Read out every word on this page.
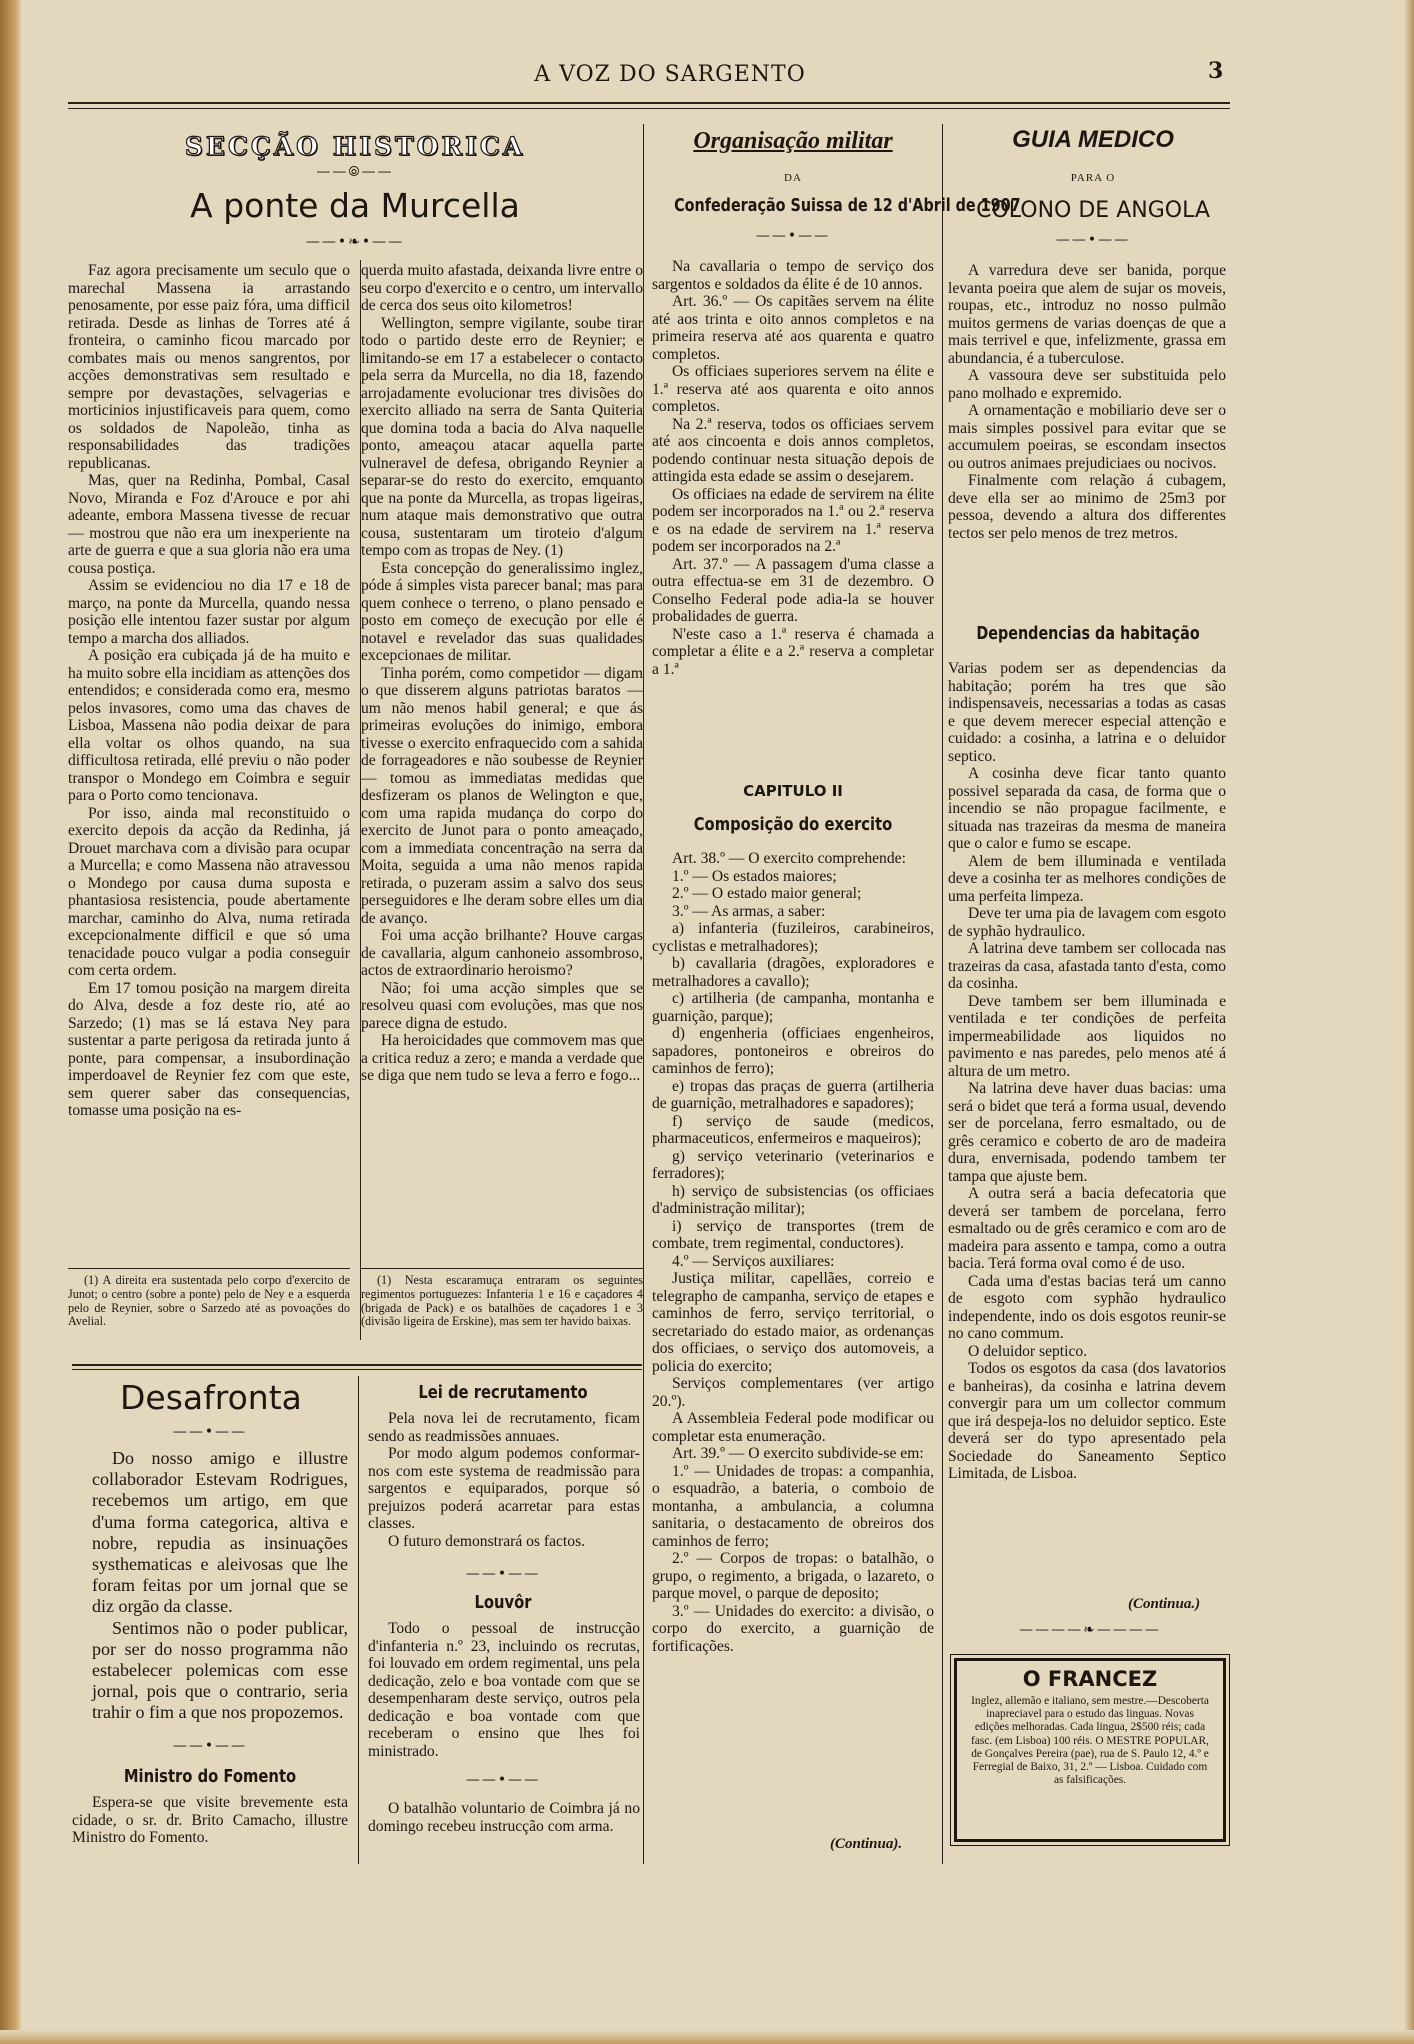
A VOZ DO SARGENTO	3
SECÇÃO HISTORICA
——⦾——
A ponte da Murcella
——•❧•——

Faz agora precisamente um seculo que o marechal Massena ia arrastando penosamente, por esse paiz fóra, uma difficil retirada. Desde as linhas de Torres até á fronteira, o caminho ficou marcado por combates mais ou menos sangrentos, por acções demonstrativas sem resultado e sempre por devastações, selvagerias e morticinios injustificaveis para quem, como os soldados de Napoleão, tinha as responsabilidades das tradições republicanas.

Mas, quer na Redinha, Pombal, Casal Novo, Miranda e Foz d'Arouce e por ahi adeante, embora Massena tivesse de recuar — mostrou que não era um inexperiente na arte de guerra e que a sua gloria não era uma cousa postiça.

Assim se evidenciou no dia 17 e 18 de março, na ponte da Murcella, quando nessa posição elle intentou fazer sustar por algum tempo a marcha dos alliados.

A posição era cubiçada já de ha muito e ha muito sobre ella incidiam as attenções dos entendidos; e considerada como era, mesmo pelos invasores, como uma das chaves de Lisboa, Massena não podia deixar de para ella voltar os olhos quando, na sua difficultosa retirada, ellé previu o não poder transpor o Mondego em Coimbra e seguir para o Porto como tencionava.

Por isso, ainda mal reconstituido o exercito depois da acção da Redinha, já Drouet marchava com a divisão para ocupar a Murcella; e como Massena não atravessou o Mondego por causa duma suposta e phantasiosa resistencia, poude abertamente marchar, caminho do Alva, numa retirada excepcionalmente difficil e que só uma tenacidade pouco vulgar a podia conseguir com certa ordem.

Em 17 tomou posição na margem direita do Alva, desde a foz deste rio, até ao Sarzedo; (1) mas se lá estava Ney para sustentar a parte perigosa da retirada junto á ponte, para compensar, a insubordinação imperdoavel de Reynier fez com que este, sem querer saber das consequencias, tomasse uma posição na es-

(1) A direita era sustentada pelo corpo d'exercito de Junot; o centro (sobre a ponte) pelo de Ney e a esquerda pelo de Reynier, sobre o Sarzedo até as povoações do Avelial.

querda muito afastada, deixanda livre entre o seu corpo d'exercito e o centro, um intervallo de cerca dos seus oito kilometros!

Wellington, sempre vigilante, soube tirar todo o partido deste erro de Reynier; e limitando-se em 17 a estabelecer o contacto pela serra da Murcella, no dia 18, fazendo arrojadamente evolucionar tres divisões do exercito alliado na serra de Santa Quiteria que domina toda a bacia do Alva naquelle ponto, ameaçou atacar aquella parte vulneravel de defesa, obrigando Reynier a separar-se do resto do exercito, emquanto que na ponte da Murcella, as tropas ligeiras, num ataque mais demonstrativo que outra cousa, sustentaram um tiroteio d'algum tempo com as tropas de Ney. (1)

Esta concepção do generalissimo inglez, póde á simples vista parecer banal; mas para quem conhece o terreno, o plano pensado e posto em começo de execução por elle é notavel e revelador das suas qualidades excepcionaes de militar.

Tinha porém, como competidor — digam o que disserem alguns patriotas baratos — um não menos habil general; e que ás primeiras evoluções do inimigo, embora tivesse o exercito enfraquecido com a sahida de forrageadores e não soubesse de Reynier — tomou as immediatas medidas que desfizeram os planos de Welington e que, com uma rapida mudança do corpo do exercito de Junot para o ponto ameaçado, com a immediata concentração na serra da Moita, seguida a uma não menos rapida retirada, o puzeram assim a salvo dos seus perseguidores e lhe deram sobre elles um dia de avanço.

Foi uma acção brilhante? Houve cargas de cavallaria, algum canhoneio assombroso, actos de extraordinario heroismo?

Não; foi uma acção simples que se resolveu quasi com evoluções, mas que nos parece digna de estudo.

Ha heroicidades que commovem mas que a critica reduz a zero; e manda a verdade que se diga que nem tudo se leva a ferro e fogo...

(1) Nesta escaramuça entraram os seguintes regimentos portuguezes: Infanteria 1 e 16 e caçadores 4 (brigada de Pack) e os batalhões de caçadores 1 e 3 (divisão ligeira de Erskine), mas sem ter havido baixas.

Desafronta
——•——

Do nosso amigo e illustre collaborador Estevam Rodrigues, recebemos um artigo, em que d'uma forma categorica, altiva e nobre, repudia as insinuações systhematicas e aleivosas que lhe foram feitas por um jornal que se diz orgão da classe.

Sentimos não o poder publicar, por ser do nosso programma não estabelecer polemicas com esse jornal, pois que o contrario, seria trahir o fim a que nos propozemos.

——•——
Ministro do Fomento

Espera-se que visite brevemente esta cidade, o sr. dr. Brito Camacho, illustre Ministro do Fomento.

Lei de recrutamento

Pela nova lei de recrutamento, ficam sendo as readmissões annuaes.

Por modo algum podemos conformar-nos com este systema de readmissão para sargentos e equiparados, porque só prejuizos poderá acarretar para estas classes.

O futuro demonstrará os factos.

——•——
Louvôr

Todo o pessoal de instrucção d'infanteria n.º 23, incluindo os recrutas, foi louvado em ordem regimental, uns pela dedicação, zelo e boa vontade com que se desempenharam deste serviço, outros pela dedicação e boa vontade com que receberam o ensino que lhes foi ministrado.

——•——

O batalhão voluntario de Coimbra já no domingo recebeu instrucção com arma.

Organisação militar
DA
Confederação Suissa de 12 d'Abril de 1907
——•——

Na cavallaria o tempo de serviço dos sargentos e soldados da élite é de 10 annos.

Art. 36.º — Os capitães servem na élite até aos trinta e oito annos completos e na primeira reserva até aos quarenta e quatro completos.

Os officiaes superiores servem na élite e 1.ª reserva até aos quarenta e oito annos completos.

Na 2.ª reserva, todos os officiaes servem até aos cincoenta e dois annos completos, podendo continuar nesta situação depois de attingida esta edade se assim o desejarem.

Os officiaes na edade de servirem na élite podem ser incorporados na 1.ª ou 2.ª reserva e os na edade de servirem na 1.ª reserva podem ser incorporados na 2.ª

Art. 37.º — A passagem d'uma classe a outra effectua-se em 31 de dezembro. O Conselho Federal pode adia-la se houver probalidades de guerra.

N'este caso a 1.ª reserva é chamada a completar a élite e a 2.ª reserva a completar a 1.ª

CAPITULO II
Composição do exercito

Art. 38.º — O exercito comprehende:

1.º — Os estados maiores;

2.º — O estado maior general;

3.º — As armas, a saber:

a) infanteria (fuzileiros, carabineiros, cyclistas e metralhadores);

b) cavallaria (dragões, exploradores e metralhadores a cavallo);

c) artilheria (de campanha, montanha e guarnição, parque);

d) engenheria (officiaes engenheiros, sapadores, pontoneiros e obreiros do caminhos de ferro);

e) tropas das praças de guerra (artilheria de guarnição, metralhadores e sapadores);

f) serviço de saude (medicos, pharmaceuticos, enfermeiros e maqueiros);

g) serviço veterinario (veterinarios e ferradores);

h) serviço de subsistencias (os officiaes d'administração militar);

i) serviço de transportes (trem de combate, trem regimental, conductores).

4.º — Serviços auxiliares:

Justiça militar, capellães, correio e telegrapho de campanha, serviço de etapes e caminhos de ferro, serviço territorial, o secretariado do estado maior, as ordenanças dos officiaes, o serviço dos automoveis, a policia do exercito;

Serviços complementares (ver artigo 20.º).

A Assembleia Federal pode modificar ou completar esta enumeração.

Art. 39.º — O exercito subdivide-se em:

1.º — Unidades de tropas: a companhia, o esquadrão, a bateria, o comboio de montanha, a ambulancia, a columna sanitaria, o destacamento de obreiros dos caminhos de ferro;

2.º — Corpos de tropas: o batalhão, o grupo, o regimento, a brigada, o lazareto, o parque movel, o parque de deposito;

3.º — Unidades do exercito: a divisão, o corpo do exercito, a guarnição de fortificações.

(Continua).
GUIA MEDICO
PARA O
COLONO DE ANGOLA
——•——

A varredura deve ser banida, porque levanta poeira que alem de sujar os moveis, roupas, etc., introduz no nosso pulmão muitos germens de varias doenças de que a mais terrivel e que, infelizmente, grassa em abundancia, é a tuberculose.

A vassoura deve ser substituida pelo pano molhado e expremido.

A ornamentação e mobiliario deve ser o mais simples possivel para evitar que se accumulem poeiras, se escondam insectos ou outros animaes prejudiciaes ou nocivos.

Finalmente com relação á cubagem, deve ella ser ao minimo de 25m3 por pessoa, devendo a altura dos differentes tectos ser pelo menos de trez metros.

Dependencias da habitação

Varias podem ser as dependencias da habitação; porém ha tres que são indispensaveis, necessarias a todas as casas e que devem merecer especial attenção e cuidado: a cosinha, a latrina e o deluidor septico.

A cosinha deve ficar tanto quanto possivel separada da casa, de forma que o incendio se não propague facilmente, e situada nas trazeiras da mesma de maneira que o calor e fumo se escape.

Alem de bem illuminada e ventilada deve a cosinha ter as melhores condições de uma perfeita limpeza.

Deve ter uma pia de lavagem com esgoto de syphão hydraulico.

A latrina deve tambem ser collocada nas trazeiras da casa, afastada tanto d'esta, como da cosinha.

Deve tambem ser bem illuminada e ventilada e ter condições de perfeita impermeabilidade aos liquidos no pavimento e nas paredes, pelo menos até á altura de um metro.

Na latrina deve haver duas bacias: uma será o bidet que terá a forma usual, devendo ser de porcelana, ferro esmaltado, ou de grês ceramico e coberto de aro de madeira dura, envernisada, podendo tambem ter tampa que ajuste bem.

A outra será a bacia defecatoria que deverá ser tambem de porcelana, ferro esmaltado ou de grês ceramico e com aro de madeira para assento e tampa, como a outra bacia. Terá forma oval como é de uso.

Cada uma d'estas bacias terá um canno de esgoto com syphão hydraulico independente, indo os dois esgotos reunir-se no cano commum.

O deluidor septico.

Todos os esgotos da casa (dos lavatorios e banheiras), da cosinha e latrina devem convergir para um um collector commum que irá despeja-los no deluidor septico. Este deverá ser do typo apresentado pela Sociedade do Saneamento Septico Limitada, de Lisboa.

(Continua.)
————❧————
O FRANCEZ
Inglez, allemão e italiano, sem mestre.—Descoberta inapreciavel para o estudo das linguas. Novas edições melhoradas. Cada lingua, 2$500 réis; cada fasc. (em Lisboa) 100 réis. O MESTRE POPULAR, de Gonçalves Pereira (pae), rua de S. Paulo 12, 4.º e Ferregial de Baixo, 31, 2.º — Lisboa. Cuidado com as falsificações.
